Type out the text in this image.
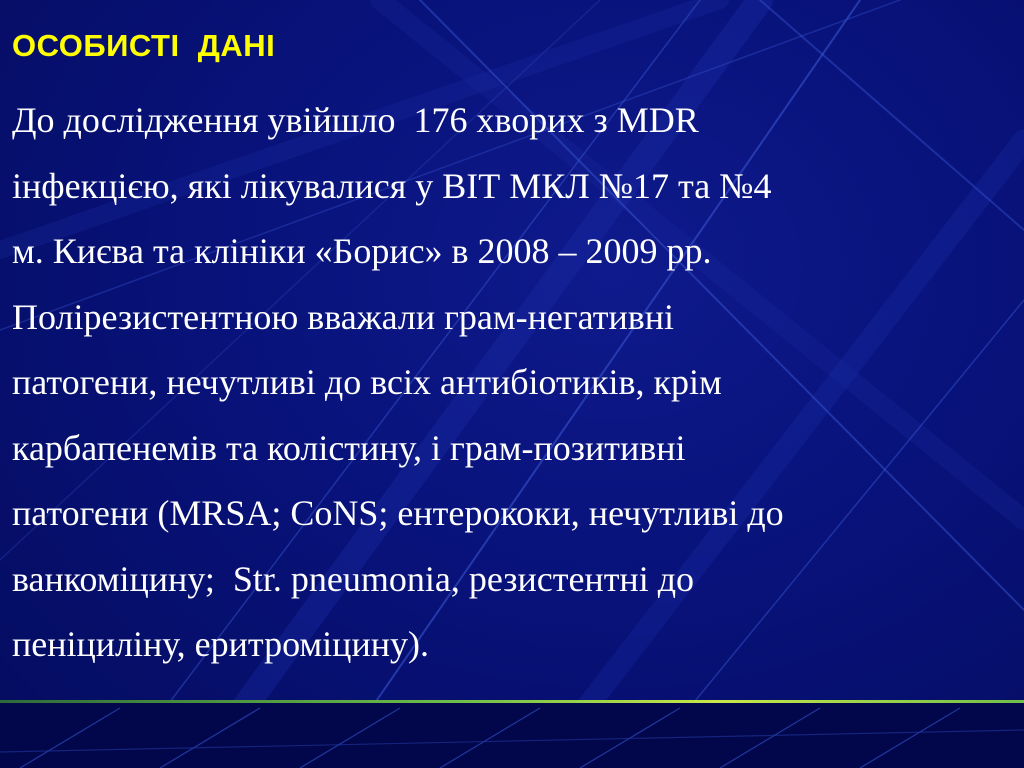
ОСОБИСТІ  ДАНІ
До дослідження увійшло  176 хворих з MDR
інфекцією, які лікувалися у ВІТ МКЛ №17 та №4
м. Києва та клініки «Борис» в 2008 – 2009 рр.
Полірезистентною вважали грам-негативні
патогени, нечутливі до всіх антибіотиків, крім
карбапенемів та колістину, і грам-позитивні
патогени (MRSA; CoNS; ентерококи, нечутливі до
ванкоміцину;  Str. pneumonia, резистентні до
пеніциліну, еритроміцину).
